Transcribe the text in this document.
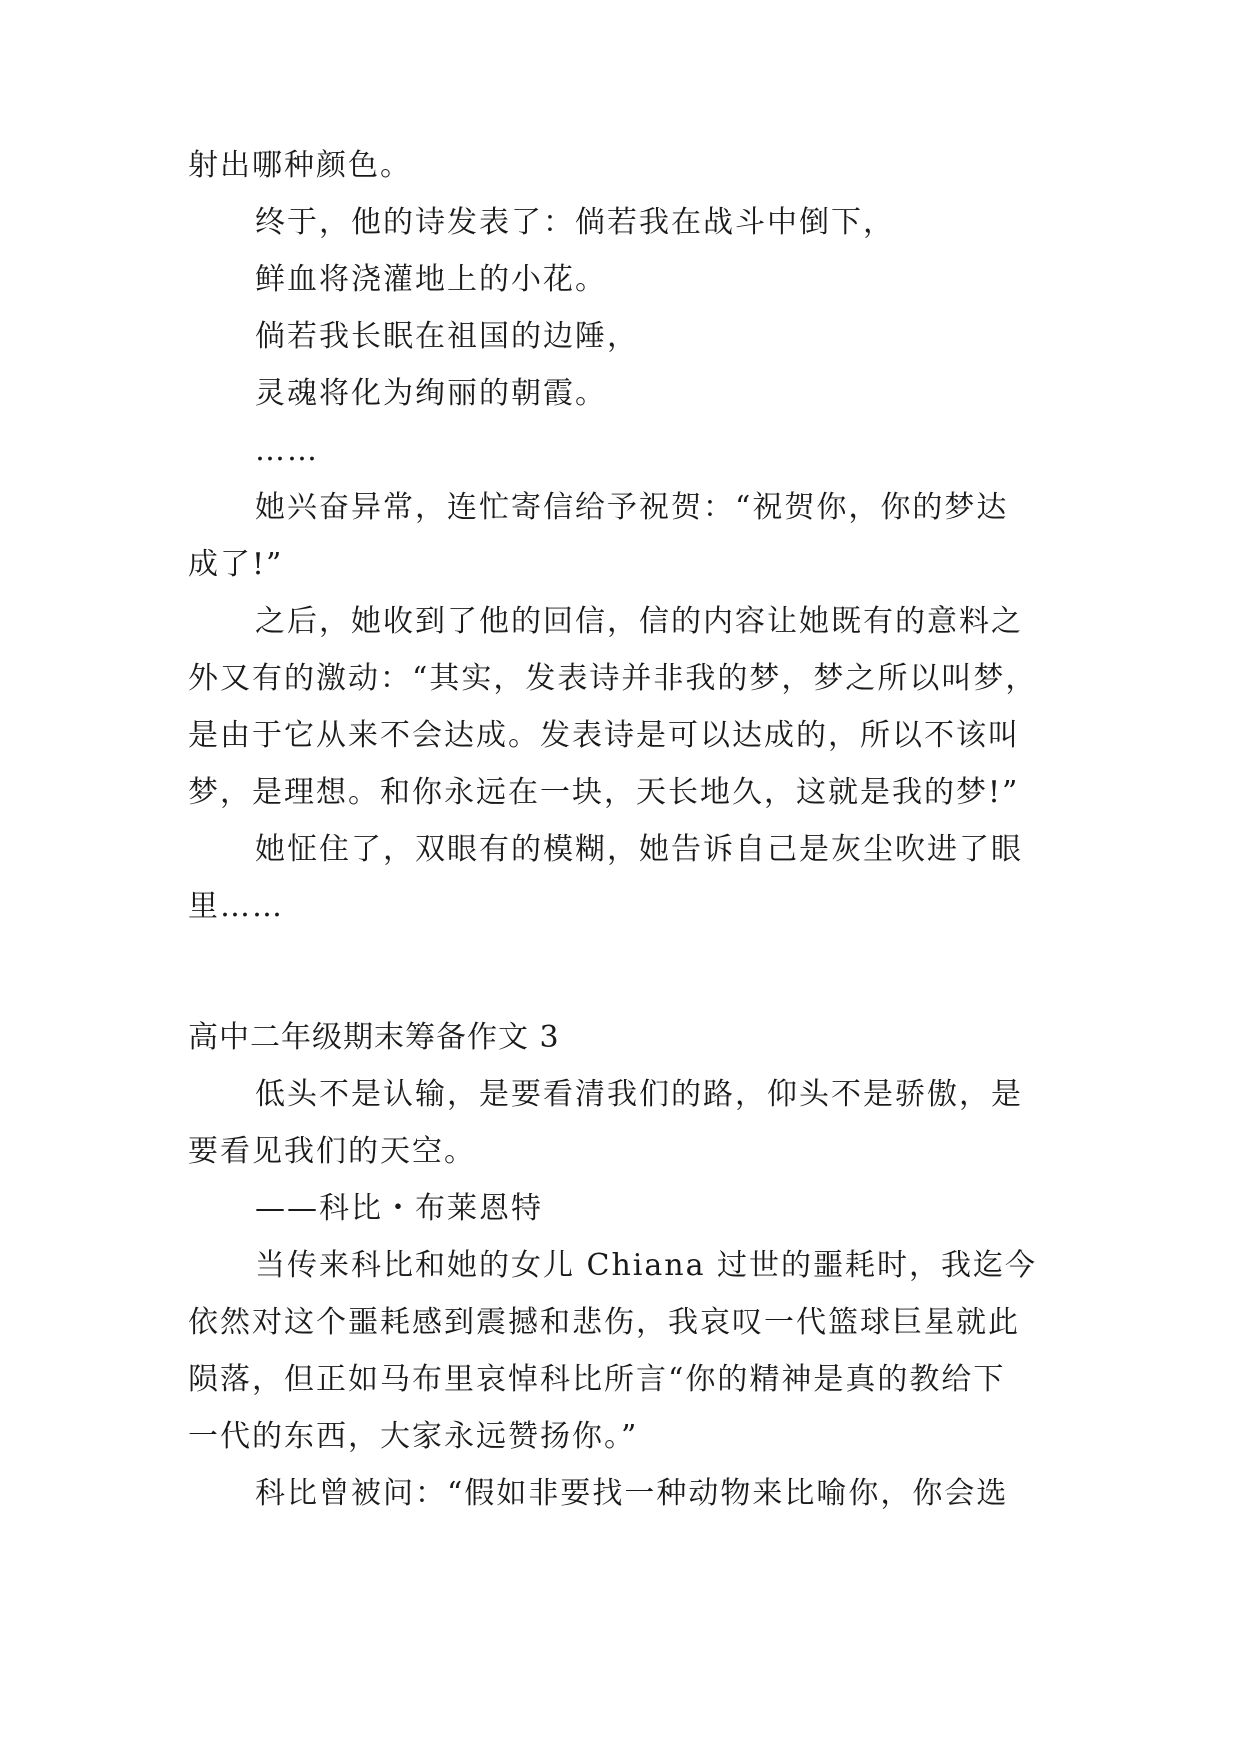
射出哪种颜色。
终于，他的诗发表了：倘若我在战斗中倒下，
鲜血将浇灌地上的小花。
倘若我长眠在祖国的边陲，
灵魂将化为绚丽的朝霞。
……
她兴奋异常，连忙寄信给予祝贺：“祝贺你，你的梦达
成了!”
之后，她收到了他的回信，信的内容让她既有的意料之
外又有的激动：“其实，发表诗并非我的梦，梦之所以叫梦，
是由于它从来不会达成。发表诗是可以达成的，所以不该叫
梦，是理想。和你永远在一块，天长地久，这就是我的梦!”
她怔住了，双眼有的模糊，她告诉自己是灰尘吹进了眼
里……
高中二年级期末筹备作文 3
低头不是认输，是要看清我们的路，仰头不是骄傲，是
要看见我们的天空。
——科比・布莱恩特
当传来科比和她的女儿 Chiana 过世的噩耗时，我迄今
依然对这个噩耗感到震撼和悲伤，我哀叹一代篮球巨星就此
陨落，但正如马布里哀悼科比所言“你的精神是真的教给下
一代的东西，大家永远赞扬你。”
科比曾被问：“假如非要找一种动物来比喻你，你会选
